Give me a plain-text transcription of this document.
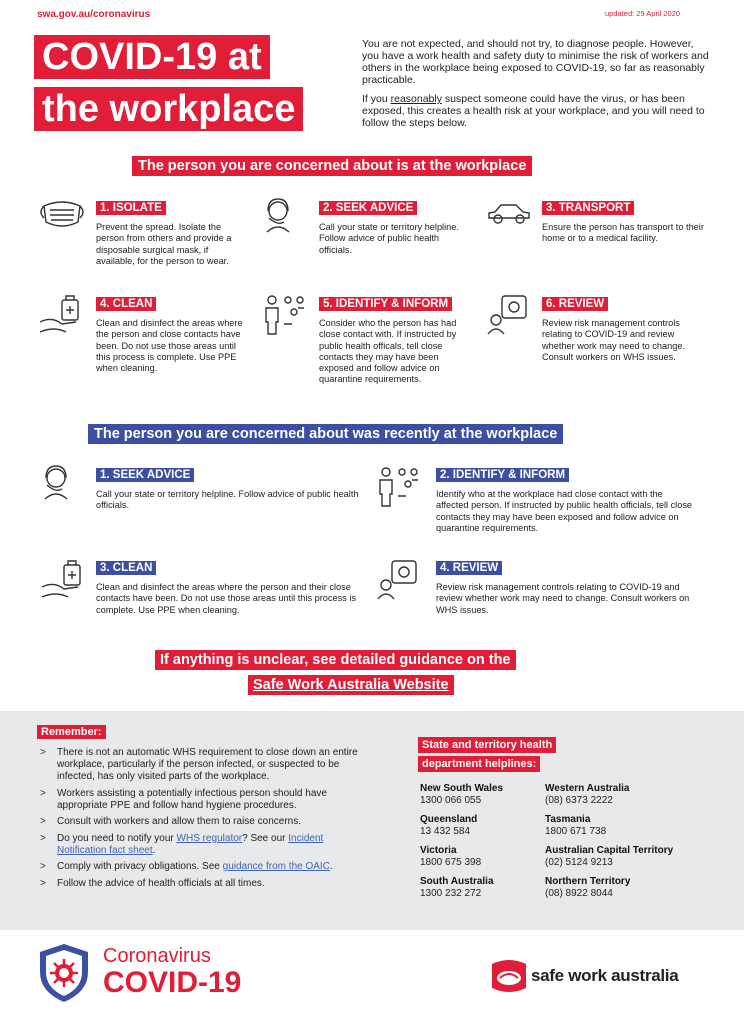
swa.gov.au/coronavirus	updated: 29 April 2020
COVID-19 at
the workplace

You are not expected, and should not try, to diagnose people. However, you have a work health and safety duty to minimise the risk of workers and others in the workplace being exposed to COVID-19, so far as reasonably practicable.

If you reasonably suspect someone could have the virus, or has been exposed, this creates a health risk at your workplace, and you will need to follow the steps below.

The person you are concerned about is at the workplace
1. ISOLATE
Prevent the spread. Isolate the person from others and provide a disposable surgical mask, if available, for the person to wear.
2. SEEK ADVICE
Call your state or territory helpline. Follow advice of public health officials.
3. TRANSPORT
Ensure the person has transport to their home or to a medical facility.
4. CLEAN
Clean and disinfect the areas where the person and close contacts have been. Do not use those areas until this process is complete. Use PPE when cleaning.
5. IDENTIFY & INFORM
Consider who the person has had close contact with. If instructed by public health officals, tell close contacts they may have been exposed and follow advice on quarantine requirements.
6. REVIEW
Review risk management controls relating to COVID-19 and review whether work may need to change. Consult workers on WHS issues.
The person you are concerned about was recently at the workplace
1. SEEK ADVICE
Call your state or territory helpline. Follow advice of public health officials.
2. IDENTIFY & INFORM
Identify who at the workplace had close contact with the affected person. If instructed by public health officials, tell close contacts they may have been exposed and follow advice on quarantine requirements.
3. CLEAN
Clean and disinfect the areas where the person and their close contacts have been. Do not use those areas until this process is complete. Use PPE when cleaning.
4. REVIEW
Review risk management controls relating to COVID-19 and review whether work may need to change. Consult workers on WHS issues.
If anything is unclear, see detailed guidance on the
Safe Work Australia Website
Remember:
> There is not an automatic WHS requirement to close down an entire workplace, particularly if the person infected, or suspected to be infected, has only visited parts of the workplace.
> Workers assisting a potentially infectious person should have appropriate PPE and follow hand hygiene procedures.
> Consult with workers and allow them to raise concerns.
> Do you need to notify your WHS regulator? See our Incident Notification fact sheet.
> Comply with privacy obligations. See guidance from the OAIC.
> Follow the advice of health officials at all times.
State and territory health
department helplines:
New South Wales
1300 066 055
Western Australia
(08) 6373 2222
Queensland
13 432 584
Tasmania
1800 671 738
Victoria
1800 675 398
Australian Capital Territory
(02) 5124 9213
South Australia
1300 232 272
Northern Territory
(08) 8922 8044
Coronavirus
COVID-19	safe work australia
